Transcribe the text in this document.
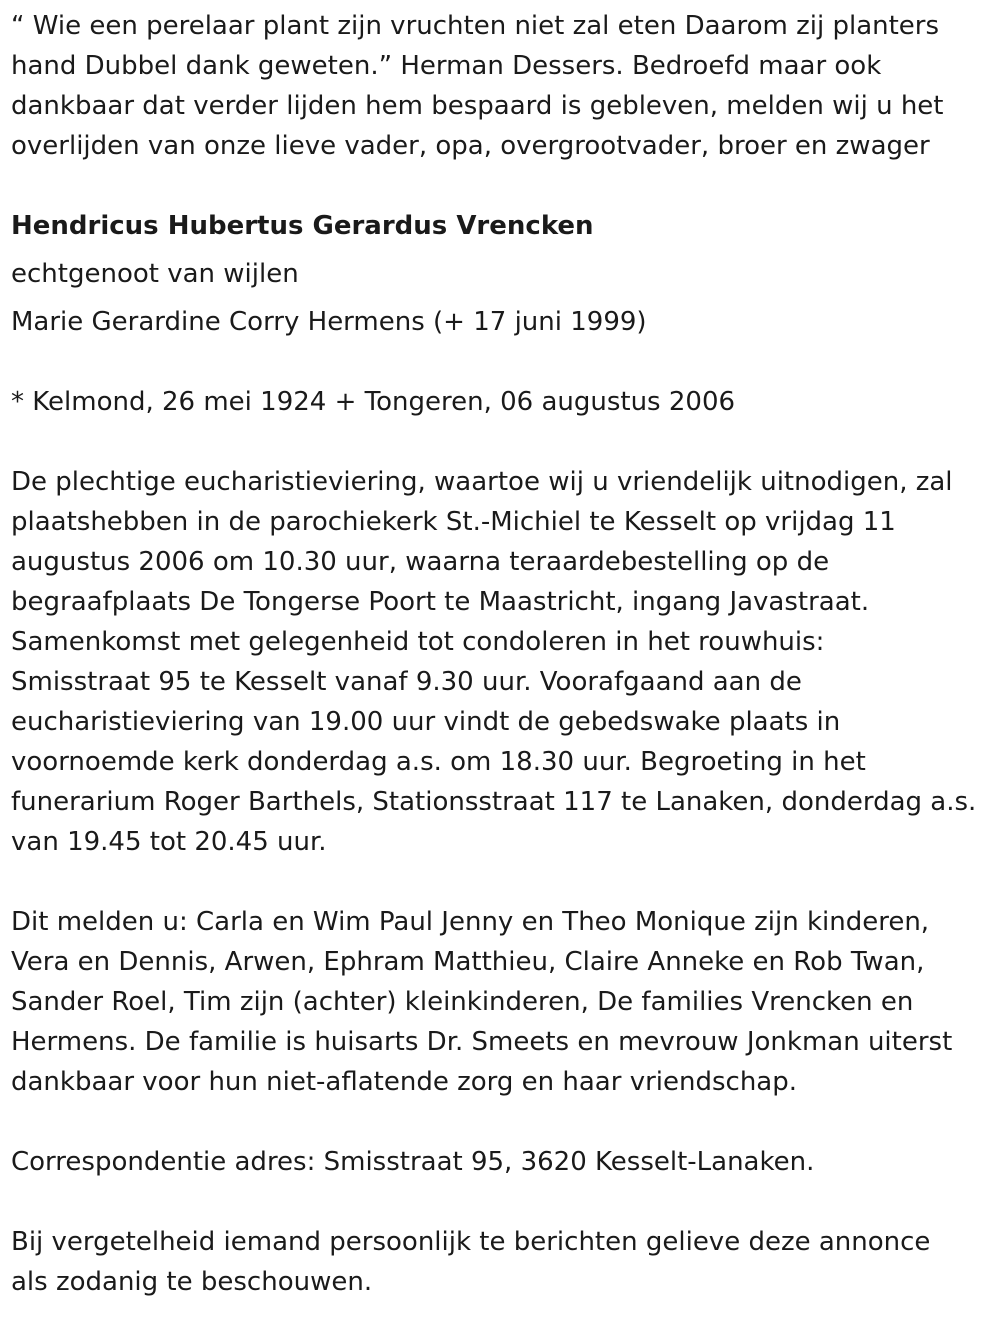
“ Wie een perelaar plant zijn vruchten niet zal eten Daarom zij planters
hand Dubbel dank geweten.” Herman Dessers. Bedroefd maar ook
dankbaar dat verder lijden hem bespaard is gebleven, melden wij u het
overlijden van onze lieve vader, opa, overgrootvader, broer en zwager

Hendricus Hubertus Gerardus Vrencken

echtgenoot van wijlen

Marie Gerardine Corry Hermens (+ 17 juni 1999)

* Kelmond, 26 mei 1924 + Tongeren, 06 augustus 2006

De plechtige eucharistieviering, waartoe wij u vriendelijk uitnodigen, zal
plaatshebben in de parochiekerk St.-Michiel te Kesselt op vrijdag 11
augustus 2006 om 10.30 uur, waarna teraardebestelling op de
begraafplaats De Tongerse Poort te Maastricht, ingang Javastraat.
Samenkomst met gelegenheid tot condoleren in het rouwhuis:
Smisstraat 95 te Kesselt vanaf 9.30 uur. Voorafgaand aan de
eucharistieviering van 19.00 uur vindt de gebedswake plaats in
voornoemde kerk donderdag a.s. om 18.30 uur. Begroeting in het
funerarium Roger Barthels, Stationsstraat 117 te Lanaken, donderdag a.s.
van 19.45 tot 20.45 uur.

Dit melden u: Carla en Wim Paul Jenny en Theo Monique zijn kinderen,
Vera en Dennis, Arwen, Ephram Matthieu, Claire Anneke en Rob Twan,
Sander Roel, Tim zijn (achter) kleinkinderen, De families Vrencken en
Hermens. De familie is huisarts Dr. Smeets en mevrouw Jonkman uiterst
dankbaar voor hun niet-aflatende zorg en haar vriendschap.

Correspondentie adres: Smisstraat 95, 3620 Kesselt-Lanaken.

Bij vergetelheid iemand persoonlijk te berichten gelieve deze annonce
als zodanig te beschouwen.
